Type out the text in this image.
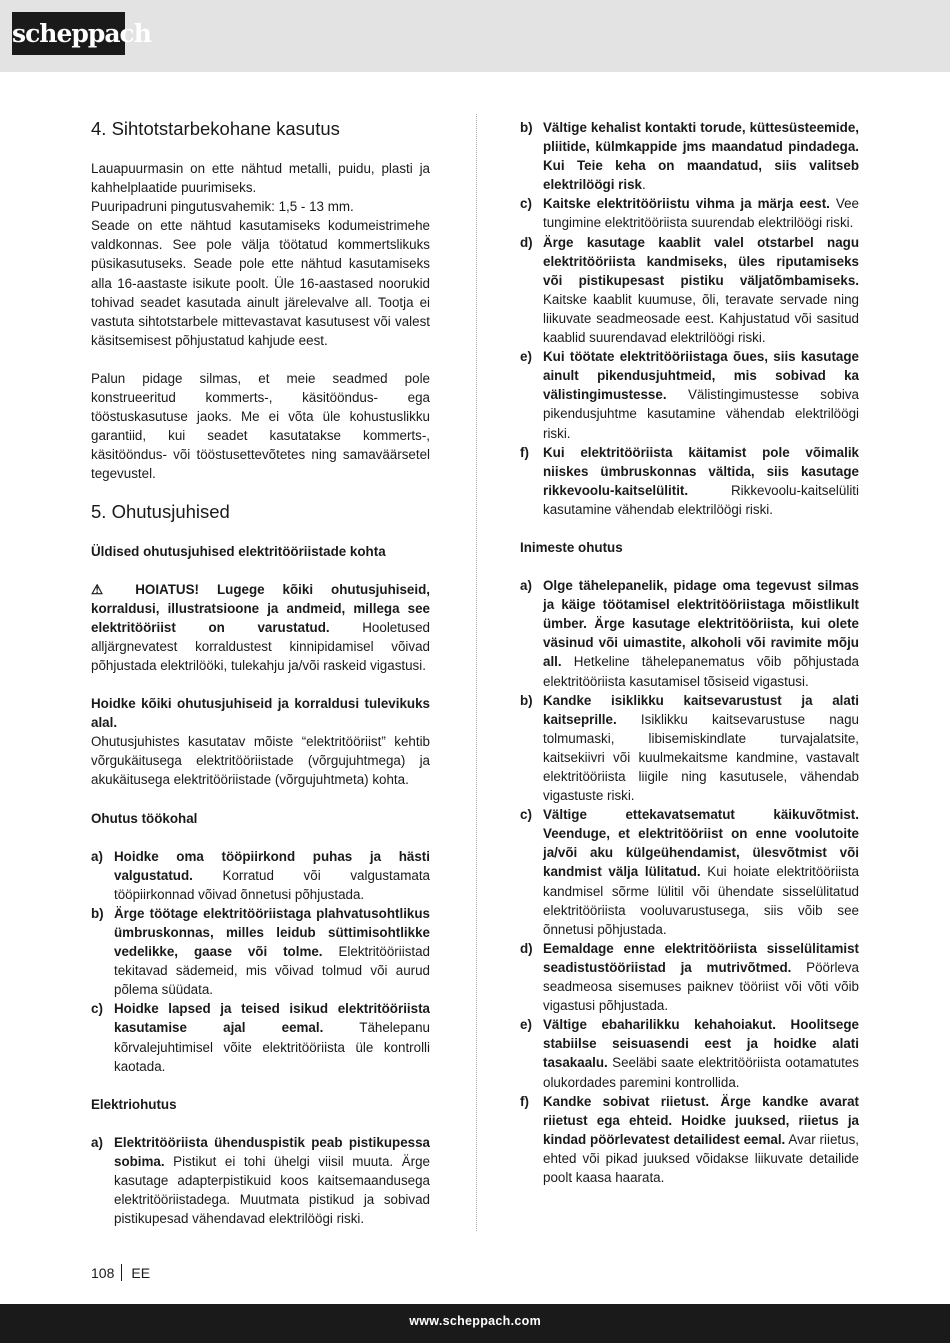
scheppach
4. Sihtotstarbekohane kasutus

Lauapuurmasin on ette nähtud metalli, puidu, plasti ja kahhelplaatide puurimiseks.

Puuripadruni pingutusvahemik: 1,5 - 13 mm.

Seade on ette nähtud kasutamiseks kodumeistrimehe valdkonnas. See pole välja töötatud kommertslikuks püsikasutuseks. Seade pole ette nähtud kasutamiseks alla 16-aastaste isikute poolt. Üle 16-aastased noorukid tohivad seadet kasutada ainult järelevalve all. Tootja ei vastuta sihtotstarbele mittevastavat kasutusest või valest käsitsemisest põhjustatud kahjude eest.

Palun pidage silmas, et meie seadmed pole konstrueeritud kommerts-, käsitööndus- ega tööstuskasutuse jaoks. Me ei võta üle kohustuslikku garantiid, kui seadet kasutatakse kommerts-, käsitööndus- või tööstusettevõtetes ning samaväärsetel tegevustel.

5. Ohutusjuhised

Üldised ohutusjuhised elektritööriistade kohta

⚠ HOIATUS! Lugege kõiki ohutusjuhiseid, korraldusi, illustratsioone ja andmeid, millega see elektritööriist on varustatud. Hooletused alljärgnevatest korraldustest kinnipidamisel võivad põhjustada elektrilööki, tulekahju ja/või raskeid vigastusi.

Hoidke kõiki ohutusjuhiseid ja korraldusi tulevikuks alal.

Ohutusjuhistes kasutatav mõiste “elektritööriist” kehtib võrgukäitusega elektritööriistade (võrgujuhtmega) ja akukäitusega elektritööriistade (võrgujuhtmeta) kohta.

Ohutus töökohal

a) Hoidke oma tööpiirkond puhas ja hästi valgustatud. Korratud või valgustamata tööpiirkonnad võivad õnnetusi põhjustada.
b) Ärge töötage elektritööriistaga plahvatusohtlikus ümbruskonnas, milles leidub süttimisohtlikke vedelikke, gaase või tolme. Elektritööriistad tekitavad sädemeid, mis võivad tolmud või aurud põlema süüdata.
c) Hoidke lapsed ja teised isikud elektritööriista kasutamise ajal eemal. Tähelepanu kõrvalejuhtimisel võite elektritööriista üle kontrolli kaotada.

Elektriohutus

a) Elektritööriista ühenduspistik peab pistikupessa sobima. Pistikut ei tohi ühelgi viisil muuta. Ärge kasutage adapterpistikuid koos kaitsemaandusega elektritööriistadega. Muutmata pistikud ja sobivad pistikupesad vähendavad elektrilöögi riski.
b) Vältige kehalist kontakti torude, küttesüsteemide, pliitide, külmkappide jms maandatud pindadega. Kui Teie keha on maandatud, siis valitseb elektrilöögi risk.
c) Kaitske elektritööriistu vihma ja märja eest. Vee tungimine elektritööriista suurendab elektrilöögi riski.
d) Ärge kasutage kaablit valel otstarbel nagu elektritööriista kandmiseks, üles riputamiseks või pistikupesast pistiku väljatõmbamiseks. Kaitske kaablit kuumuse, õli, teravate servade ning liikuvate seadmeosade eest. Kahjustatud või sasitud kaablid suurendavad elektrilöögi riski.
e) Kui töötate elektritööriistaga õues, siis kasutage ainult pikendusjuhtmeid, mis sobivad ka välistingimustesse. Välistingimustesse sobiva pikendusjuhtme kasutamine vähendab elektrilöögi riski.
f) Kui elektritööriista käitamist pole võimalik niiskes ümbruskonnas vältida, siis kasutage rikkevoolu-kaitselülitit. Rikkevoolu-kaitselüliti kasutamine vähendab elektrilöögi riski.

Inimeste ohutus

a) Olge tähelepanelik, pidage oma tegevust silmas ja käige töötamisel elektritööriistaga mõistlikult ümber. Ärge kasutage elektritööriista, kui olete väsinud või uimastite, alkoholi või ravimite mõju all. Hetkeline tähelepanematus võib põhjustada elektritööriista kasutamisel tõsiseid vigastusi.
b) Kandke isiklikku kaitsevarustust ja alati kaitseprille. Isiklikku kaitsevarustuse nagu tolmumaski, libisemiskindlate turvajalatsite, kaitsekiivri või kuulmekaitsme kandmine, vastavalt elektritööriista liigile ning kasutusele, vähendab vigastuste riski.
c) Vältige ettekavatsematut käikuvõtmist. Veenduge, et elektritööriist on enne voolutoite ja/või aku külgeühendamist, ülesvõtmist või kandmist välja lülitatud. Kui hoiate elektritööriista kandmisel sõrme lülitil või ühendate sisselülitatud elektritööriista vooluvarustusega, siis võib see õnnetusi põhjustada.
d) Eemaldage enne elektritööriista sisselülitamist seadistustööriistad ja mutrivõtmed. Pöörleva seadmeosa sisemuses paiknev tööriist või võti võib vigastusi põhjustada.
e) Vältige ebaharilikku kehahoiakut. Hoolitsege stabiilse seisuasendi eest ja hoidke alati tasakaalu. Seeläbi saate elektritööriista ootamatutes olukordades paremini kontrollida.
f) Kandke sobivat riietust. Ärge kandke avarat riietust ega ehteid. Hoidke juuksed, riietus ja kindad pöörlevatest detailidest eemal. Avar riietus, ehted või pikad juuksed võidakse liikuvate detailide poolt kaasa haarata.
108 EE
www.scheppach.com
